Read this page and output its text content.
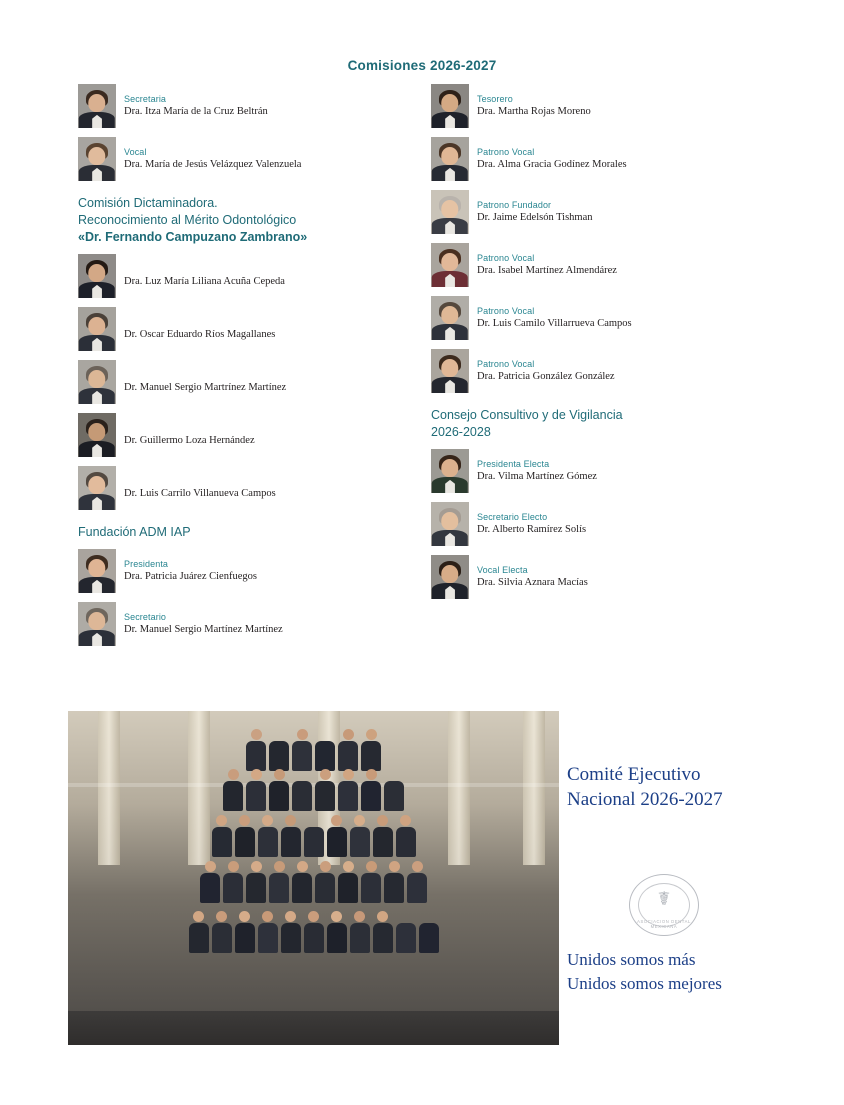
Comisiones 2026-2027
Secretaria
Dra. Itza María de la Cruz Beltrán
Vocal
Dra. María de Jesús Velázquez Valenzuela
Comisión Dictaminadora.
Reconocimiento al Mérito Odontológico
«Dr. Fernando Campuzano Zambrano»
Dra. Luz María Liliana Acuña Cepeda
Dr. Oscar Eduardo Ríos Magallanes
Dr. Manuel Sergio Martrínez Martínez
Dr. Guillermo Loza Hernández
Dr. Luis Carrilo Villanueva Campos
Fundación ADM IAP
Presidenta
Dra. Patricia Juárez Cienfuegos
Secretario
Dr. Manuel Sergio Martínez Martínez
Tesorero
Dra. Martha Rojas Moreno
Patrono Vocal
Dra. Alma Gracia Godínez Morales
Patrono Fundador
Dr. Jaime Edelsón Tishman
Patrono Vocal
Dra. Isabel Martínez Almendárez
Patrono Vocal
Dr. Luis Camilo Villarrueva Campos
Patrono Vocal
Dra. Patricia González González
Consejo Consultivo y de Vigilancia
2026-2028
Presidenta Electa
Dra. Vilma Martínez Gómez
Secretario Electo
Dr. Alberto Ramírez Solís
Vocal Electa
Dra. Silvia Aznara Macías
Comité Ejecutivo
Nacional 2026-2027
☤
ASOCIACION DENTAL MEXICANA
Unidos somos más
Unidos somos mejores
